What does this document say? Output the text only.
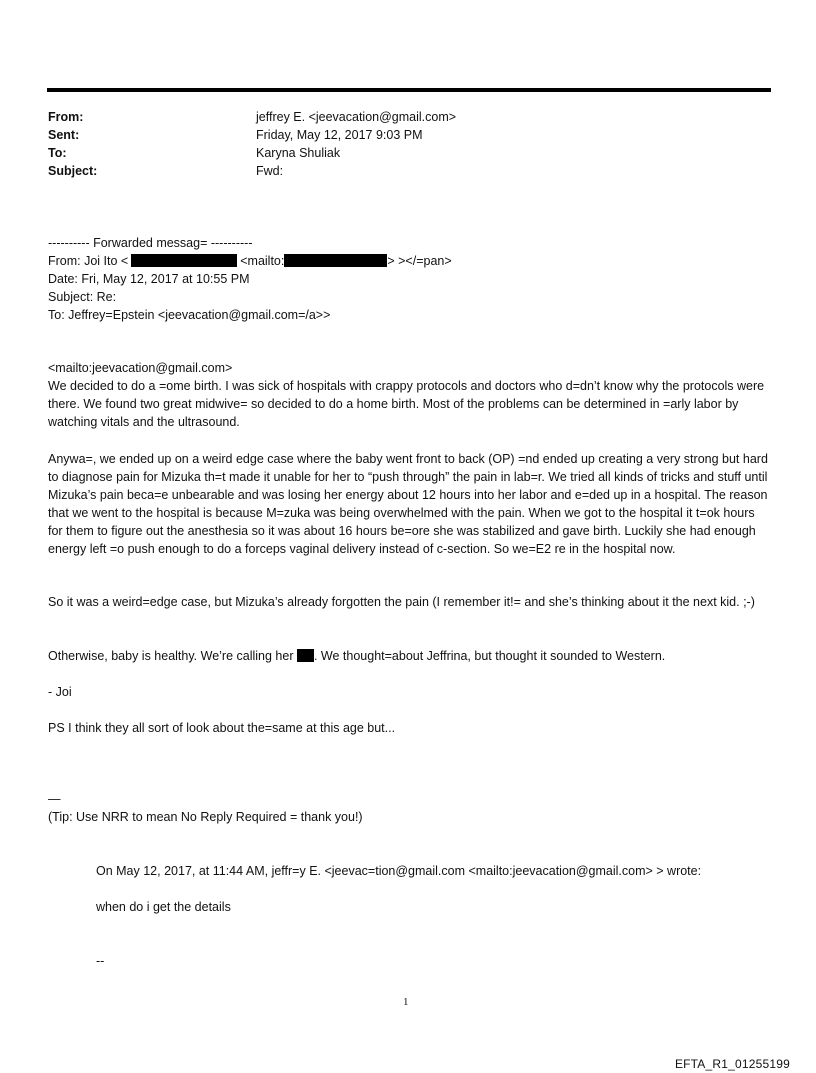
From:	jeffrey E. <jeevacation@gmail.com>
Sent:	Friday, May 12, 2017 9:03 PM
To:	Karyna Shuliak
Subject:	Fwd:
---------- Forwarded messag= ----------
From: Joi Ito <	<mailto:	> ></=pan>
Date: Fri, May 12, 2017 at 10:55 PM
Subject: Re:
To: Jeffrey=Epstein <jeevacation@gmail.com=/a>>
<mailto:jeevacation@gmail.com>
We decided to do a =ome birth. I was sick of hospitals with crappy protocols and doctors who d=dn’t know why the protocols were there. We found two great midwive= so decided to do a home birth. Most of the problems can be determined in =arly labor by watching vitals and the ultrasound.
Anywa=, we ended up on a weird edge case where the baby went front to back (OP) =nd ended up creating a very strong but hard to diagnose pain for Mizuka th=t made it unable for her to “push through” the pain in lab=r. We tried all kinds of tricks and stuff until Mizuka’s pain beca=e unbearable and was losing her energy about 12 hours into her labor and e=ded up in a hospital. The reason that we went to the hospital is because M=zuka was being overwhelmed with the pain. When we got to the hospital it t=ok hours for them to figure out the anesthesia so it was about 16 hours be=ore she was stabilized and gave birth. Luckily she had enough energy left =o push enough to do a forceps vaginal delivery instead of c-section. So we=E2 re in the hospital now.
So it was a weird=edge case, but Mizuka’s already forgotten the pain (I remember it!= and she’s thinking about it the next kid. ;-)
Otherwise, baby is healthy. We’re calling her . We thought=about Jeffrina, but thought it sounded to Western.
- Joi
PS I think they all sort of look about the=same at this age but...
—
(Tip: Use NRR to mean No Reply Required = thank you!)
On May 12, 2017, at 11:44 AM, jeffr=y E. <jeevac=tion@gmail.com <mailto:jeevacation@gmail.com> > wrote:
when do i get the details
--
1
EFTA_R1_01255199
